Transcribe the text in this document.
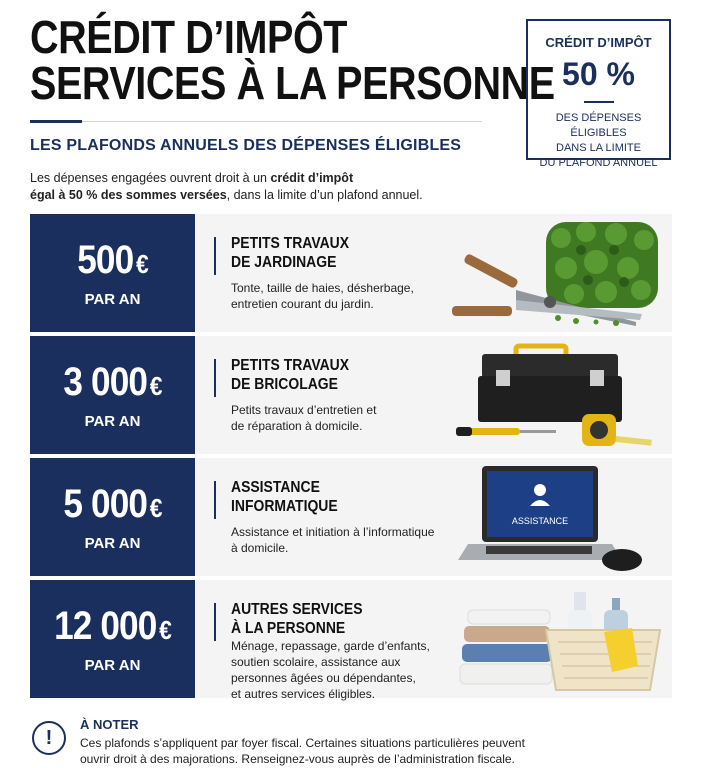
CRÉDIT D’IMPÔT
SERVICES À LA PERSONNE
CRÉDIT D’IMPÔT
50 %
DES DÉPENSES ÉLIGIBLES
DANS LA LIMITE
DU PLAFOND ANNUEL
LES PLAFONDS ANNUELS DES DÉPENSES ÉLIGIBLES
Les dépenses engagées ouvrent droit à un crédit d’impôt
égal à 50 % des sommes versées, dans la limite d’un plafond annuel.
500 €
PAR AN
PETITS TRAVAUX
DE JARDINAGE
Tonte, taille de haies, désherbage,
entretien courant du jardin.
3 000 €
PAR AN
PETITS TRAVAUX
DE BRICOLAGE
Petits travaux d’entretien et
de réparation à domicile.
5 000 €
PAR AN
ASSISTANCE
INFORMATIQUE
Assistance et initiation à l’informatique
à domicile.
ASSISTANCE
12 000 €
PAR AN
AUTRES SERVICES
À LA PERSONNE
Ménage, repassage, garde d’enfants,
soutien scolaire, assistance aux
personnes âgées ou dépendantes,
et autres services éligibles.
!
À NOTER
Ces plafonds s’appliquent par foyer fiscal. Certaines situations particulières peuvent
ouvrir droit à des majorations. Renseignez-vous auprès de l’administration fiscale.
